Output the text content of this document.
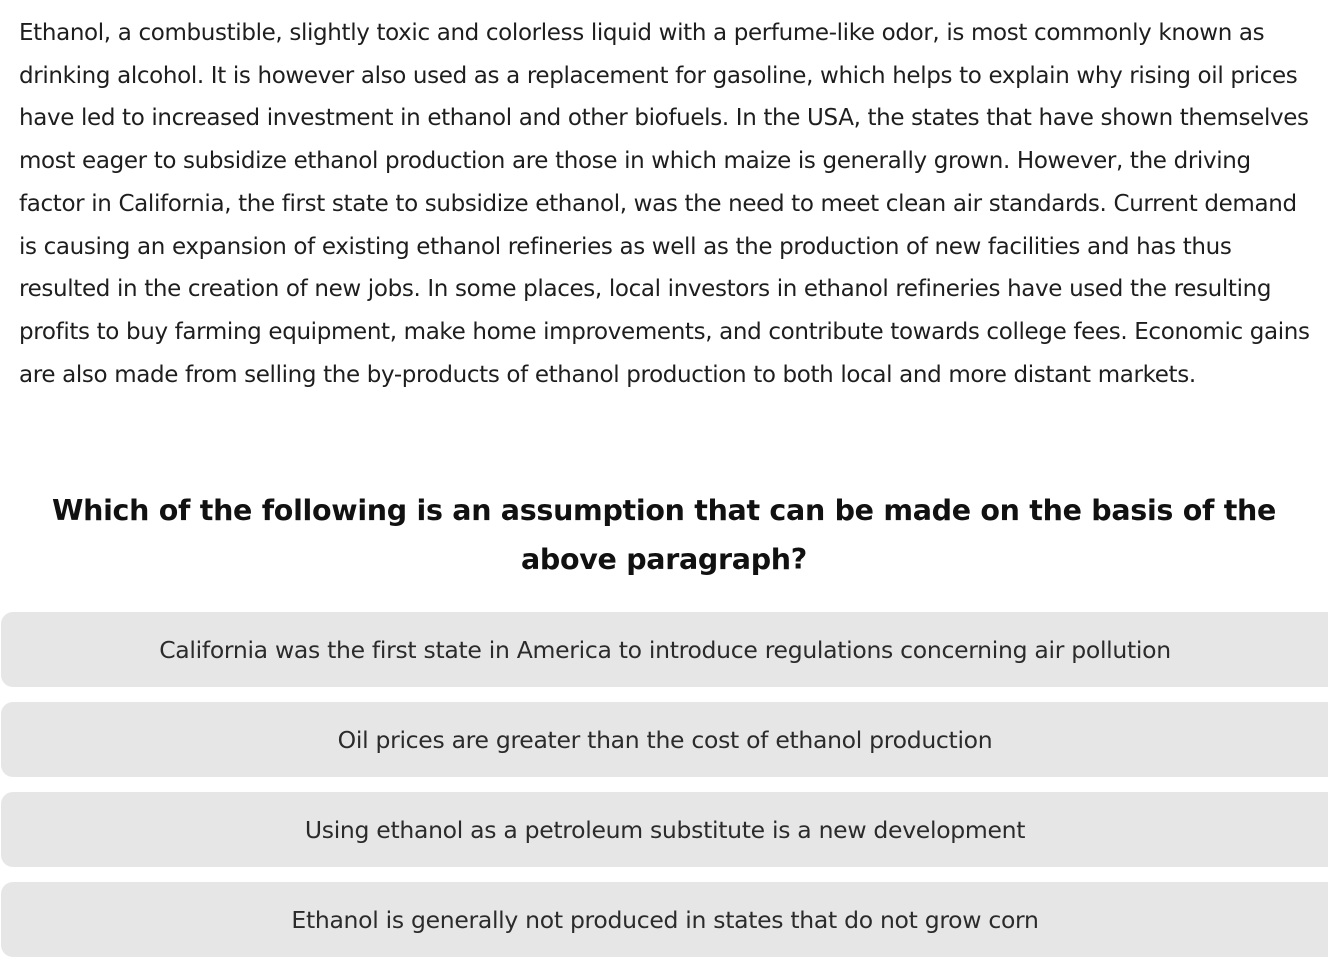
Ethanol, a combustible, slightly toxic and colorless liquid with a perfume-like odor, is most commonly known as drinking alcohol. It is however also used as a replacement for gasoline, which helps to explain why rising oil prices have led to increased investment in ethanol and other biofuels. In the USA, the states that have shown themselves most eager to subsidize ethanol production are those in which maize is generally grown. However, the driving factor in California, the first state to subsidize ethanol, was the need to meet clean air standards. Current demand is causing an expansion of existing ethanol refineries as well as the production of new facilities and has thus resulted in the creation of new jobs. In some places, local investors in ethanol refineries have used the resulting profits to buy farming equipment, make home improvements, and contribute towards college fees. Economic gains are also made from selling the by-products of ethanol production to both local and more distant markets.

Which of the following is an assumption that can be made on the basis of the above paragraph?
California was the first state in America to introduce regulations concerning air pollution
Oil prices are greater than the cost of ethanol production
Using ethanol as a petroleum substitute is a new development
Ethanol is generally not produced in states that do not grow corn
